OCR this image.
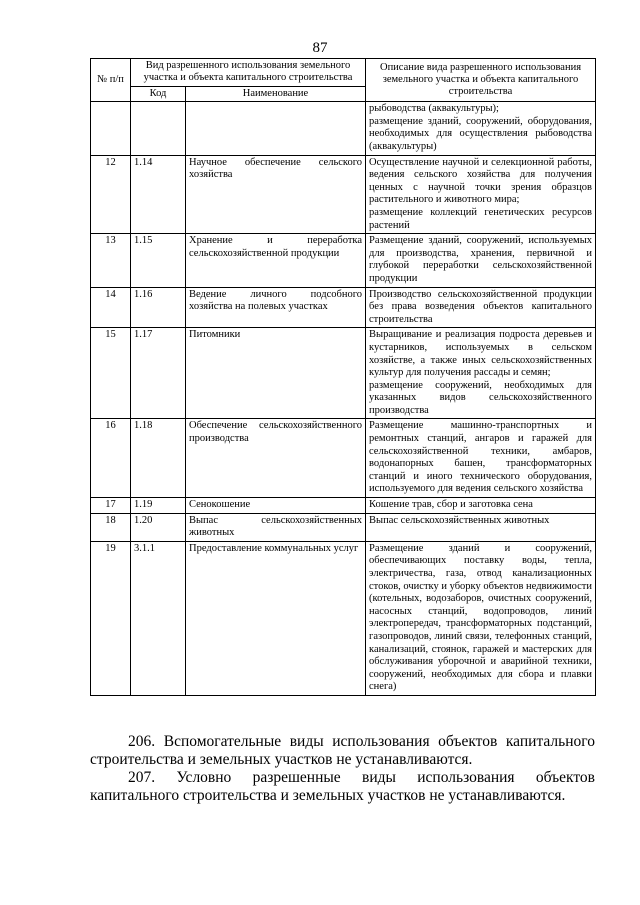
87
№ п/п	Вид разрешенного использования земельного участка и объекта капитального строительства		Описание вида разрешенного использования земельного участка и объекта капитального строительства
	Код	Наименование	

			рыбоводства (аквакультуры);
размещение зданий, сооружений, оборудования, необходимых для осуществления рыбоводства (аквакультуры)

12	1.14	Научное обеспечение сельского хозяйства	Осуществление научной и селекционной работы, ведения сельского хозяйства для получения ценных с научной точки зрения образцов растительного и животного мира;
размещение коллекций генетических ресурсов растений

13	1.15	Хранение и переработка сельскохозяйственной продукции	Размещение зданий, сооружений, используемых для производства, хранения, первичной и глубокой переработки сельскохозяйственной продукции

14	1.16	Ведение личного подсобного хозяйства на полевых участках	Производство сельскохозяйственной продукции без права возведения объектов капитального строительства

15	1.17	Питомники	Выращивание и реализация подроста деревьев и кустарников, используемых в сельском хозяйстве, а также иных сельскохозяйственных культур для получения рассады и семян;
размещение сооружений, необходимых для указанных видов сельскохозяйственного производства

16	1.18	Обеспечение сельскохозяйственного производства	Размещение машинно-транспортных и ремонтных станций, ангаров и гаражей для сельскохозяйственной техники, амбаров, водонапорных башен, трансформаторных станций и иного технического оборудования, используемого для ведения сельского хозяйства

17	1.19	Сенокошение	Кошение трав, сбор и заготовка сена

18	1.20	Выпас сельскохозяйственных животных	Выпас сельскохозяйственных животных

19	3.1.1	Предоставление коммунальных услуг	Размещение зданий и сооружений, обеспечивающих поставку воды, тепла, электричества, газа, отвод канализационных стоков, очистку и уборку объектов недвижимости (котельных, водозаборов, очистных сооружений, насосных станций, водопроводов, линий электропередач, трансформаторных подстанций, газопроводов, линий связи, телефонных станций, канализаций, стоянок, гаражей и мастерских для обслуживания уборочной и аварийной техники, сооружений, необходимых для сбора и плавки снега)
206. Вспомогательные виды использования объектов капитального строительства и земельных участков не устанавливаются.
207. Условно разрешенные виды использования объектов капитального строительства и земельных участков не устанавливаются.
